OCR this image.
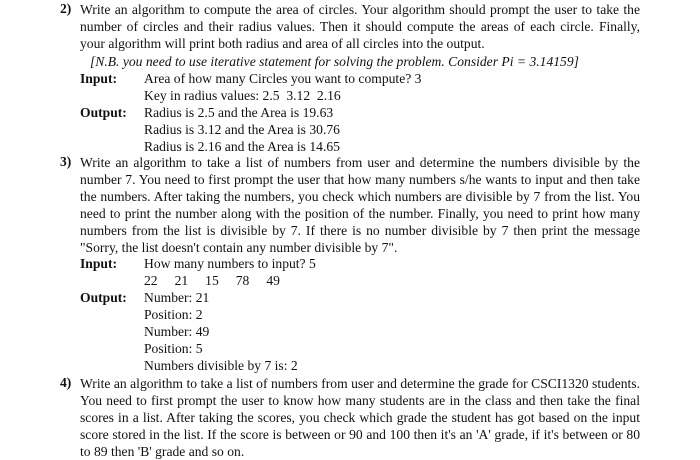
2) Write an algorithm to compute the area of circles. Your algorithm should prompt the user to take the number of circles and their radius values. Then it should compute the areas of each circle. Finally, your algorithm will print both radius and area of all circles into the output.
[N.B. you need to use iterative statement for solving the problem. Consider Pi = 3.14159]
Input: Area of how many Circles you want to compute? 3
Key in radius values: 2.5  3.12  2.16
Output: Radius is 2.5 and the Area is 19.63
Radius is 3.12 and the Area is 30.76
Radius is 2.16 and the Area is 14.65
3) Write an algorithm to take a list of numbers from user and determine the numbers divisible by the number 7. You need to first prompt the user that how many numbers s/he wants to input and then take the numbers. After taking the numbers, you check which numbers are divisible by 7 from the list. You need to print the number along with the position of the number. Finally, you need to print how many numbers from the list is divisible by 7. If there is no number divisible by 7 then print the message "Sorry, the list doesn't contain any number divisible by 7".
Input: How many numbers to input? 5
22     21     15     78     49
Output: Number: 21
Position: 2
Number: 49
Position: 5
Numbers divisible by 7 is: 2
4) Write an algorithm to take a list of numbers from user and determine the grade for CSCI1320 students. You need to first prompt the user to know how many students are in the class and then take the final scores in a list. After taking the scores, you check which grade the student has got based on the input score stored in the list. If the score is between or 90 and 100 then it's an 'A' grade, if it's between or 80 to 89 then 'B' grade and so on.
